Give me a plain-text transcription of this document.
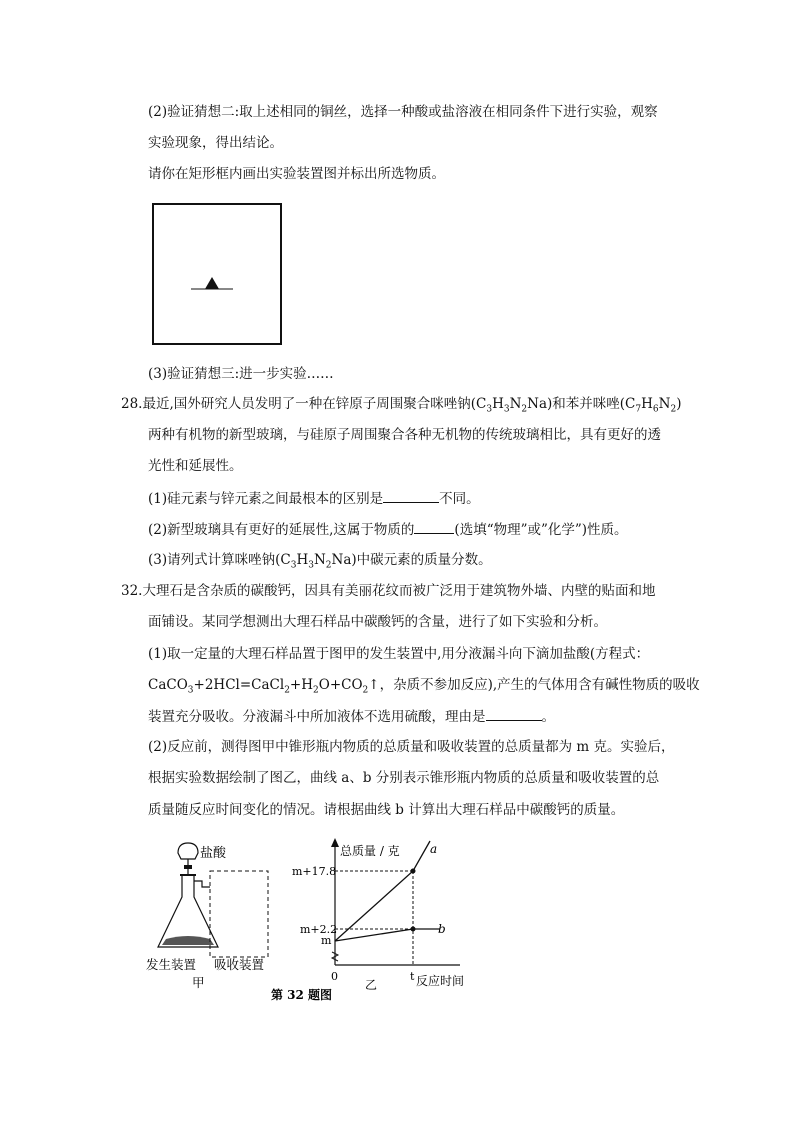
(2)验证猜想二:取上述相同的铜丝，选择一种酸或盐溶液在相同条件下进行实验，观察
实验现象，得出结论。
请你在矩形框内画出实验装置图并标出所选物质。
(3)验证猜想三:进一步实验……
28.最近,国外研究人员发明了一种在锌原子周围聚合咪唑钠$(C_3H_3N_2Na)$和苯并咪唑$(C_7H_6N_2)$
两种有机物的新型玻璃，与硅原子周围聚合各种无机物的传统玻璃相比，具有更好的透
光性和延展性。
(1)硅元素与锌元素之间最根本的区别是	不同。
(2)新型玻璃具有更好的延展性,这属于物质的	(选填“物理”或”化学”)性质。
(3)请列式计算咪唑钠$(C_3H_3N_2Na)$中碳元素的质量分数。
32.大理石是含杂质的碳酸钙，因具有美丽花纹而被广泛用于建筑物外墙、内壁的贴面和地
面铺设。某同学想测出大理石样品中碳酸钙的含量，进行了如下实验和分析。
(1)取一定量的大理石样品置于图甲的发生装置中,用分液漏斗向下滴加盐酸(方程式：
$CaCO_3+2HCl=CaCl_2+H_2O+CO_2↑$，杂质不参加反应),产生的气体用含有碱性物质的吸收
装置充分吸收。分液漏斗中所加液体不选用硫酸，理由是	。
(2)反应前，测得图甲中锥形瓶内物质的总质量和吸收装置的总质量都为 m 克。实验后，
根据实验数据绘制了图乙，曲线 a、b 分别表示锥形瓶内物质的总质量和吸收装置的总
质量随反应时间变化的情况。请根据曲线 b 计算出大理石样品中碳酸钙的质量。
盐酸
发生装置 吸收装置
甲
总质量 / 克
反应时间
乙
0	t
m+17.8
m+2.2
m
a
b
第 32 题图
